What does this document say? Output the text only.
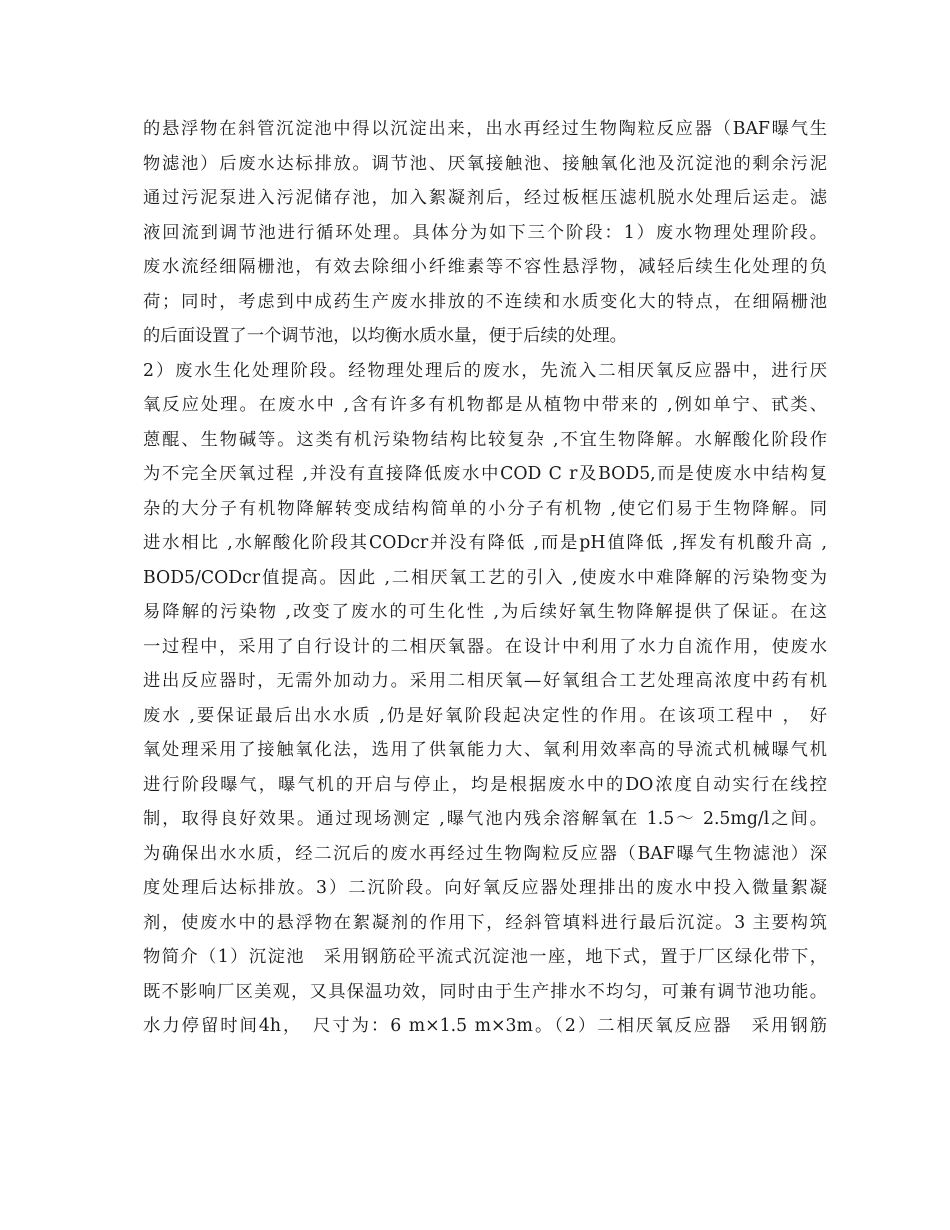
的悬浮物在斜管沉淀池中得以沉淀出来，出水再经过生物陶粒反应器（BAF曝气生
物滤池）后废水达标排放。调节池、厌氧接触池、接触氧化池及沉淀池的剩余污泥
通过污泥泵进入污泥储存池，加入絮凝剂后，经过板框压滤机脱水处理后运走。滤
液回流到调节池进行循环处理。具体分为如下三个阶段：1）废水物理处理阶段。
废水流经细隔栅池，有效去除细小纤维素等不容性悬浮物，减轻后续生化处理的负
荷；同时，考虑到中成药生产废水排放的不连续和水质变化大的特点，在细隔栅池
的后面设置了一个调节池，以均衡水质水量，便于后续的处理。
2）废水生化处理阶段。经物理处理后的废水，先流入二相厌氧反应器中，进行厌
氧反应处理。在废水中 ,含有许多有机物都是从植物中带来的 ,例如单宁、甙类、
蒽醌、生物碱等。这类有机污染物结构比较复杂 ,不宜生物降解。水解酸化阶段作
为不完全厌氧过程 ,并没有直接降低废水中COD C r及BOD5,而是使废水中结构复
杂的大分子有机物降解转变成结构简单的小分子有机物 ,使它们易于生物降解。同
进水相比 ,水解酸化阶段其CODcr并没有降低 ,而是pH值降低 ,挥发有机酸升高 ,
BOD5/CODcr值提高。因此 ,二相厌氧工艺的引入 ,使废水中难降解的污染物变为
易降解的污染物 ,改变了废水的可生化性 ,为后续好氧生物降解提供了保证。在这
一过程中，采用了自行设计的二相厌氧器。在设计中利用了水力自流作用，使废水
进出反应器时，无需外加动力。采用二相厌氧—好氧组合工艺处理高浓度中药有机
废水 ,要保证最后出水水质 ,仍是好氧阶段起决定性的作用。在该项工程中 ， 好
氧处理采用了接触氧化法，选用了供氧能力大、氧利用效率高的导流式机械曝气机
进行阶段曝气，曝气机的开启与停止，均是根据废水中的DO浓度自动实行在线控
制，取得良好效果。通过现场测定 ,曝气池内残余溶解氧在 1.5～ 2.5mg/l之间。
为确保出水水质，经二沉后的废水再经过生物陶粒反应器（BAF曝气生物滤池）深
度处理后达标排放。3）二沉阶段。向好氧反应器处理排出的废水中投入微量絮凝
剂，使废水中的悬浮物在絮凝剂的作用下，经斜管填料进行最后沉淀。3 主要构筑
物简介（1）沉淀池　采用钢筋砼平流式沉淀池一座，地下式，置于厂区绿化带下，
既不影响厂区美观，又具保温功效，同时由于生产排水不均匀，可兼有调节池功能。
水力停留时间4h，　尺寸为：6 m×1.5 m×3m。（2）二相厌氧反应器　采用钢筋
